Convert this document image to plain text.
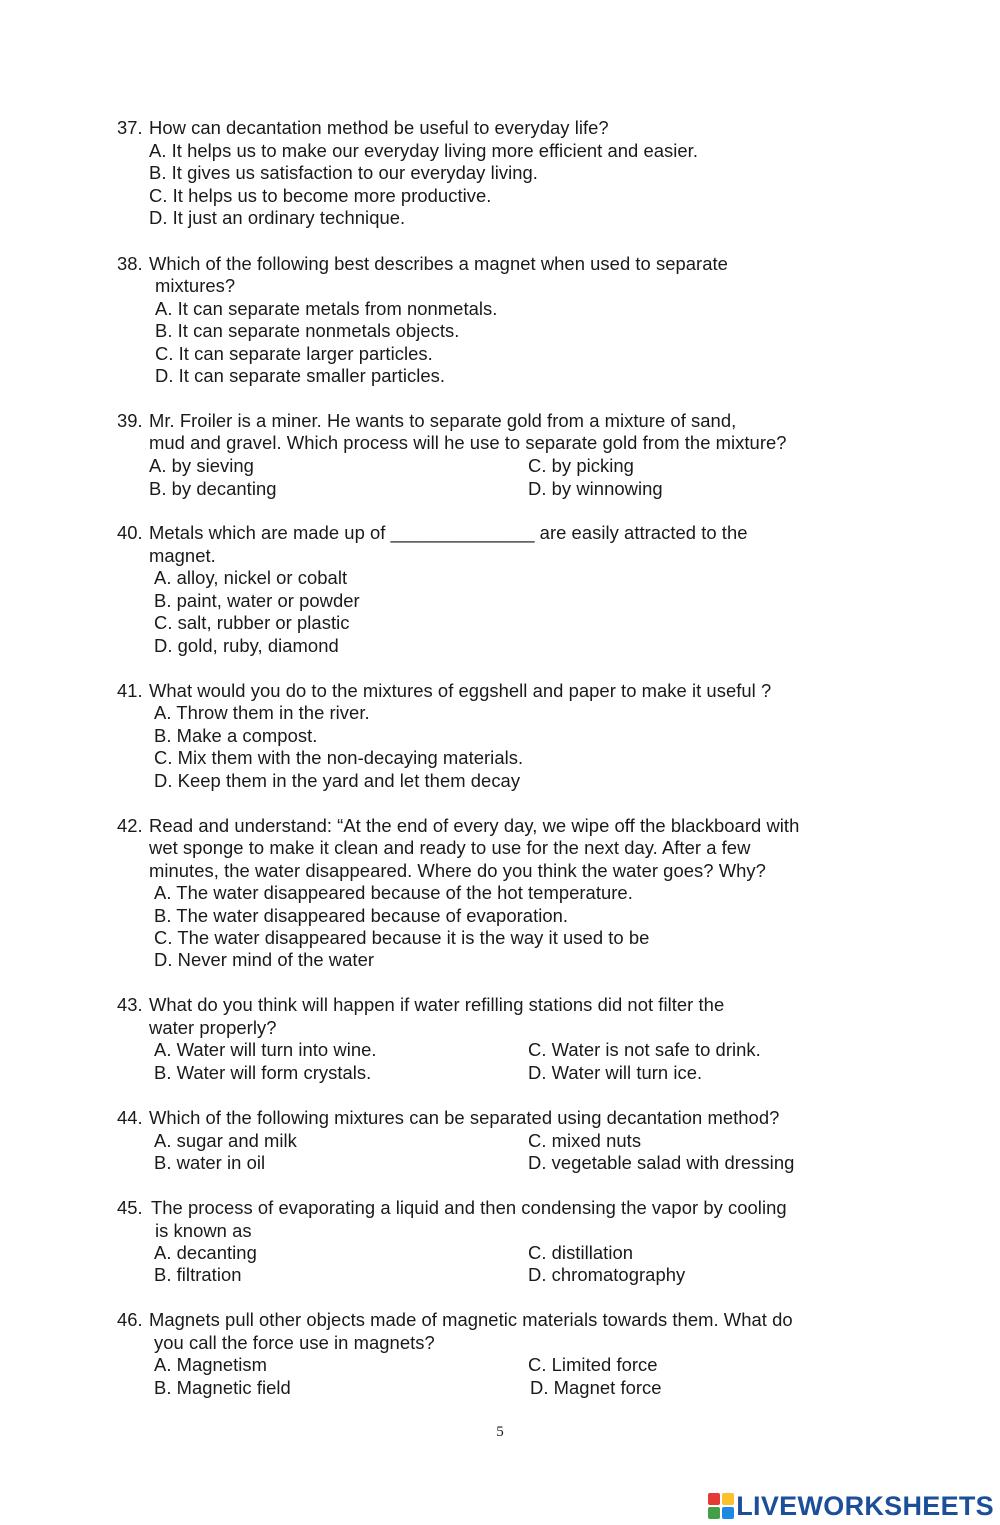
37. How can decantation method be useful to everyday life?
A. It helps us to make our everyday living more efficient and easier.
B. It gives us satisfaction to our everyday living.
C. It helps us to become more productive.
D. It just an ordinary technique.
38. Which of the following best describes a magnet when used to separate
mixtures?
A. It can separate metals from nonmetals.
B. It can separate nonmetals objects.
C. It can separate larger particles.
D. It can separate smaller particles.
39. Mr. Froiler is a miner. He wants to separate gold from a mixture of sand,
mud and gravel. Which process will he use to separate gold from the mixture?
A. by sieving	C. by picking
B. by decanting	D. by winnowing
40. Metals which are made up of ______________ are easily attracted to the
magnet.
A. alloy, nickel or cobalt
B. paint, water or powder
C. salt, rubber or plastic
D. gold, ruby, diamond
41. What would you do to the mixtures of eggshell and paper to make it useful ?
A. Throw them in the river.
B. Make a compost.
C. Mix them with the non-decaying materials.
D. Keep them in the yard and let them decay
42. Read and understand: “At the end of every day, we wipe off the blackboard with
wet sponge to make it clean and ready to use for the next day. After a few
minutes, the water disappeared. Where do you think the water goes? Why?
A. The water disappeared because of the hot temperature.
B. The water disappeared because of evaporation.
C. The water disappeared because it is the way it used to be
D. Never mind of the water
43. What do you think will happen if water refilling stations did not filter the
water properly?
A. Water will turn into wine.	C. Water is not safe to drink.
B. Water will form crystals.	D. Water will turn ice.
44. Which of the following mixtures can be separated using decantation method?
A. sugar and milk	C. mixed nuts
B. water in oil	D. vegetable salad with dressing
45. The process of evaporating a liquid and then condensing the vapor by cooling
is known as
A. decanting	C. distillation
B. filtration	D. chromatography
46. Magnets pull other objects made of magnetic materials towards them. What do
you call the force use in magnets?
A. Magnetism	C. Limited force
B. Magnetic field	D. Magnet force
5
LIVEWORKSHEETS
